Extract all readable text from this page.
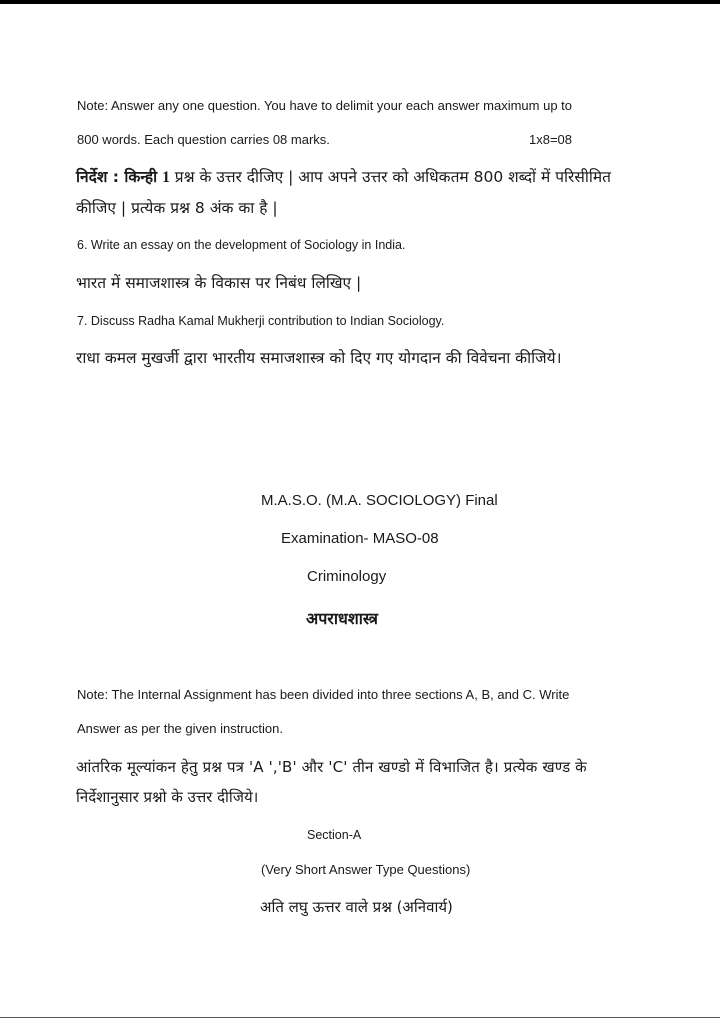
Note: Answer any one question. You have to delimit your each answer maximum up to
800 words. Each question carries 08 marks.	1x8=08
निर्देश : किन्ही 1 प्रश्न के उत्तर दीजिए | आप अपने उत्तर को अधिकतम 800 शब्दों में परिसीमित
कीजिए | प्रत्येक प्रश्न 8 अंक का है |
6. Write an essay on the development of Sociology in India.
भारत में समाजशास्त्र के विकास पर निबंध लिखिए |
7. Discuss Radha Kamal Mukherji contribution to Indian Sociology.
राधा कमल मुखर्जी द्वारा भारतीय समाजशास्त्र को दिए गए योगदान की विवेचना कीजिये।
M.A.S.O. (M.A. SOCIOLOGY) Final
Examination- MASO-08
Criminology
अपराधशास्त्र
Note: The Internal Assignment has been divided into three sections A, B, and C. Write
Answer as per the given instruction.
आंतरिक मूल्यांकन हेतु प्रश्न पत्र 'A ','B' और 'C' तीन खण्डो में विभाजित है। प्रत्येक खण्ड के
निर्देशानुसार प्रश्नो के उत्तर दीजिये।
Section-A
(Very Short Answer Type Questions)
अति लघु ऊत्तर वाले प्रश्न (अनिवार्य)
